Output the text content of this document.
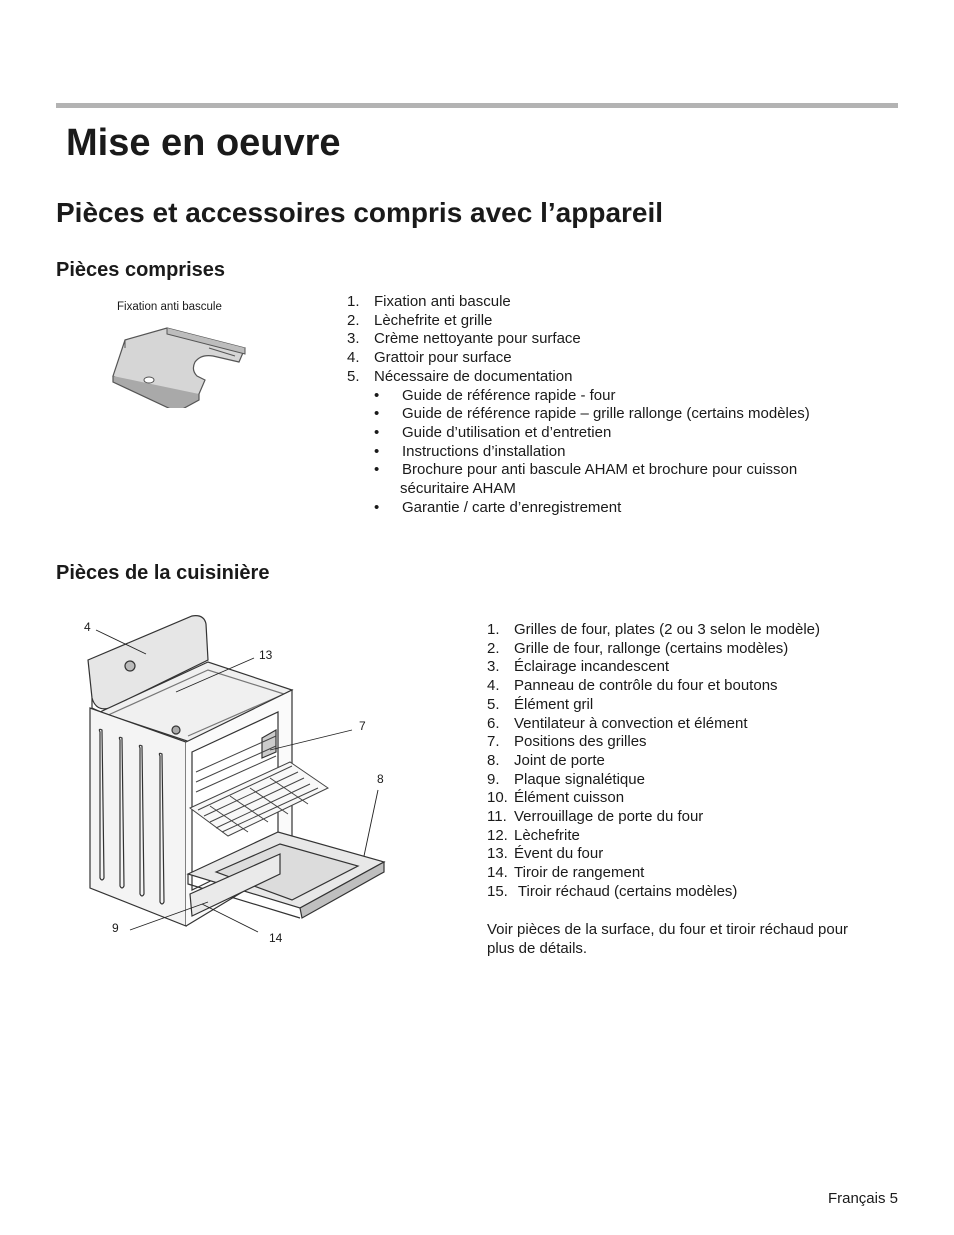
Mise en oeuvre
Pièces et accessoires compris avec l’appareil
Pièces comprises
Fixation anti bascule	1. Fixation anti bascule
2. Lèchefrite et grille
3. Crème nettoyante pour surface
4. Grattoir pour surface
5. Nécessaire de documentation
• Guide de référence rapide - four
• Guide de référence rapide – grille rallonge (certains modèles)
• Guide d’utilisation et d’entretien
• Instructions d’installation
• Brochure pour anti bascule AHAM et brochure pour cuisson
sécuritaire AHAM
• Garantie / carte d’enregistrement
Pièces de la cuisinière
4
13
7
8
9
14
1. Grilles de four, plates (2 ou 3 selon le modèle)
2. Grille de four, rallonge (certains modèles)
3. Éclairage incandescent
4. Panneau de contrôle du four et boutons
5. Élément gril
6. Ventilateur à convection et élément
7. Positions des grilles
8. Joint de porte
9. Plaque signalétique
10. Élément cuisson
11. Verrouillage de porte du four
12. Lèchefrite
13. Évent du four
14. Tiroir de rangement
15. Tiroir réchaud (certains modèles)

Voir pièces de la surface, du four et tiroir réchaud pour plus de détails.

Français 5
